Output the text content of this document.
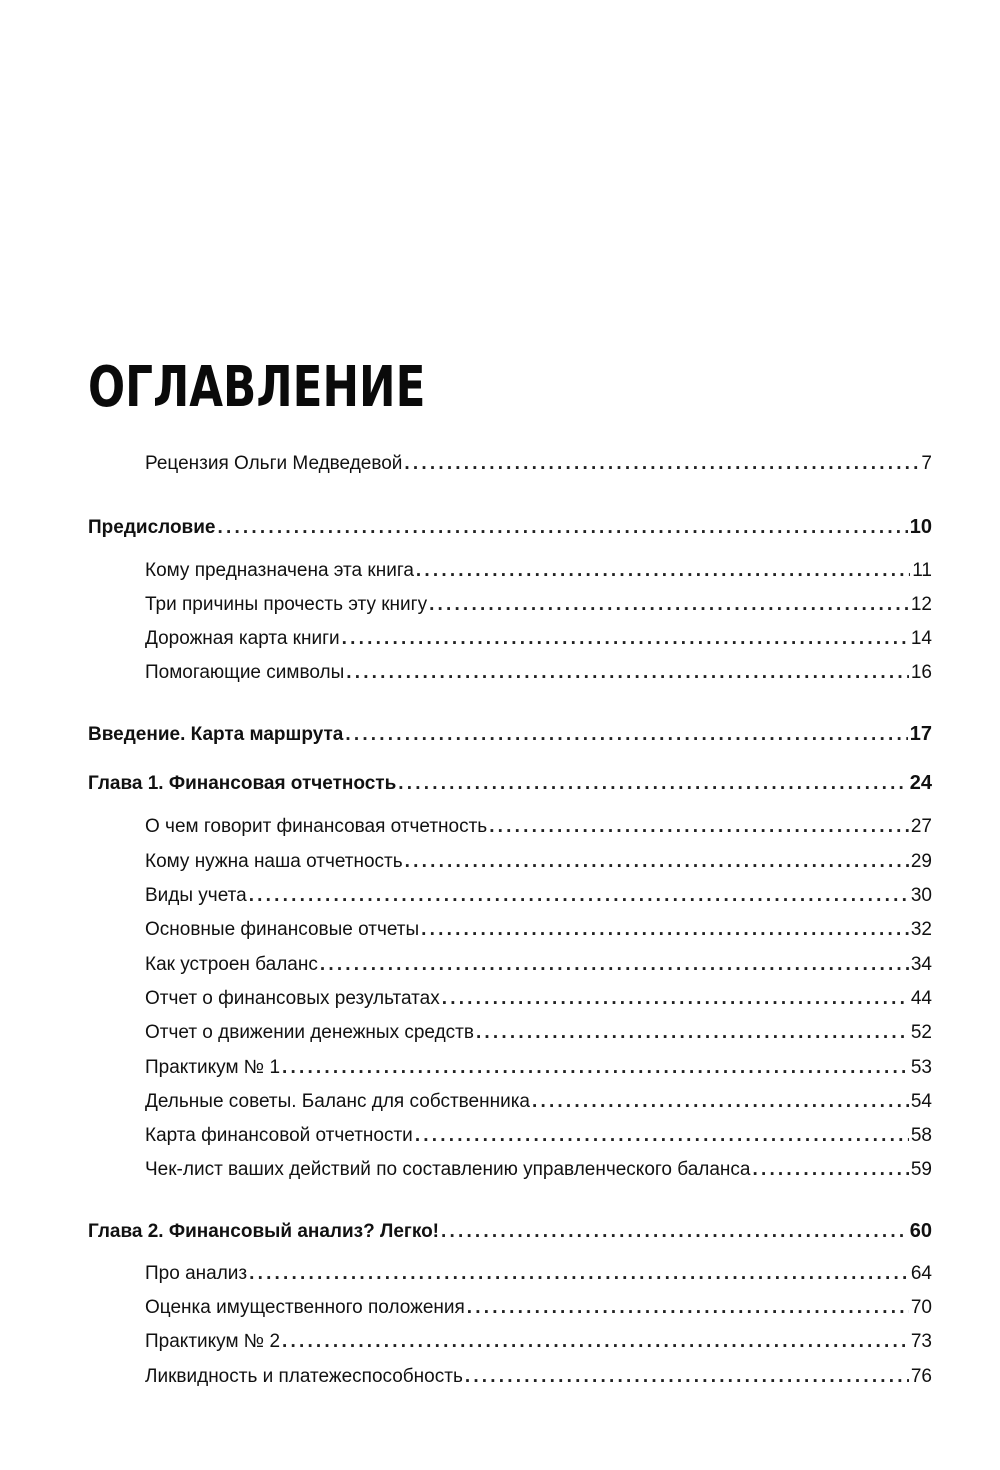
ОГЛАВЛЕНИЕ
Рецензия Ольги Медведевой .....	7
Предисловие .....	10
Кому предназначена эта книга .....	11
Три причины прочесть эту книгу .....	12
Дорожная карта книги .....	14
Помогающие символы .....	16
Введение. Карта маршрута .....	17
Глава 1. Финансовая отчетность .....	24
О чем говорит финансовая отчетность .....	27
Кому нужна наша отчетность .....	29
Виды учета .....	30
Основные финансовые отчеты .....	32
Как устроен баланс .....	34
Отчет о финансовых результатах .....	44
Отчет о движении денежных средств .....	52
Практикум № 1 .....	53
Дельные советы. Баланс для собственника .....	54
Карта финансовой отчетности .....	58
Чек-лист ваших действий по составлению управленческого баланса .....	59
Глава 2. Финансовый анализ? Легко! .....	60
Про анализ .....	64
Оценка имущественного положения .....	70
Практикум № 2 .....	73
Ликвидность и платежеспособность .....	76
